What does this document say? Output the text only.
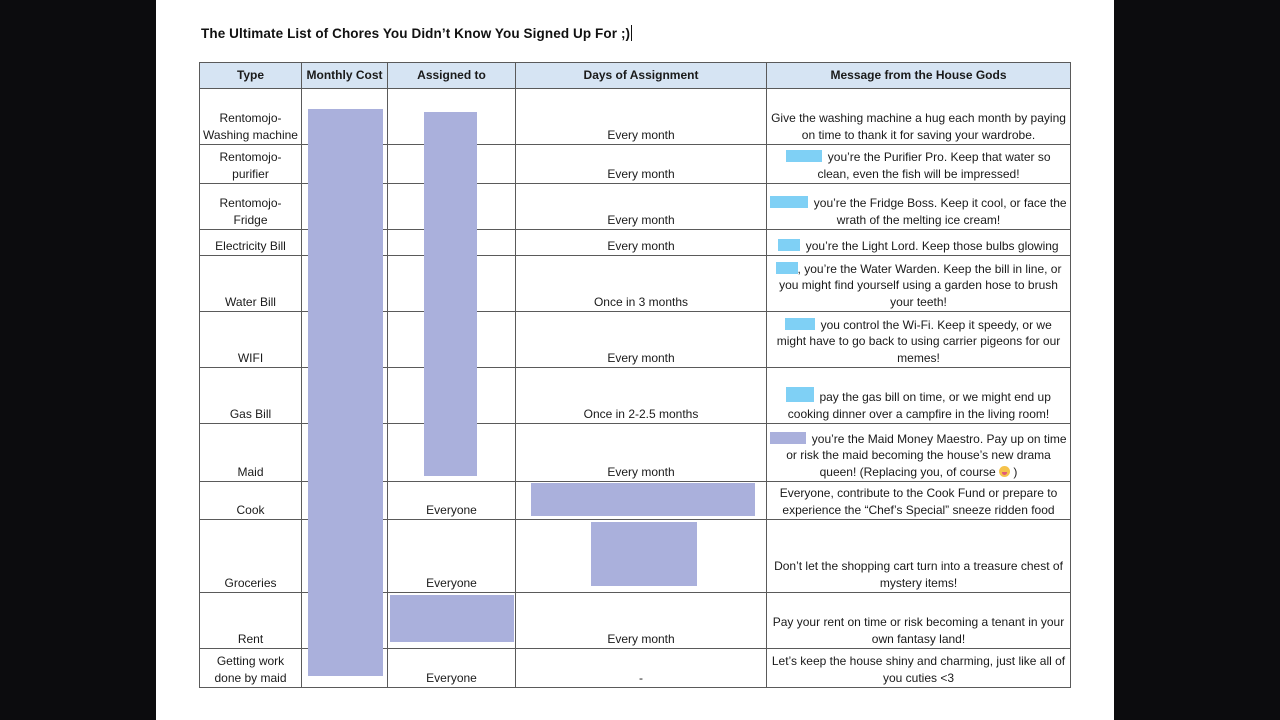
The Ultimate List of Chores You Didn’t Know You Signed Up For ;)
Type	Monthly Cost	Assigned to	Days of Assignment	Message from the House Gods
Rentomojo- Washing machine			Every month	Give the washing machine a hug each month by paying on time to thank it for saving your wardrobe.
Rentomojo- purifier			Every month	you’re the Purifier Pro. Keep that water so clean, even the fish will be impressed!
Rentomojo- Fridge			Every month	you’re the Fridge Boss. Keep it cool, or face the wrath of the melting ice cream!
Electricity Bill			Every month	you’re the Light Lord. Keep those bulbs glowing
Water Bill			Once in 3 months	, you’re the Water Warden. Keep the bill in line, or you might find yourself using a garden hose to brush your teeth!
WIFI			Every month	you control the Wi-Fi. Keep it speedy, or we might have to go back to using carrier pigeons for our memes!
Gas Bill			Once in 2-2.5 months	pay the gas bill on time, or we might end up cooking dinner over a campfire in the living room!
Maid			Every month	you’re the Maid Money Maestro. Pay up on time or risk the maid becoming the house’s new drama queen! (Replacing you, of course )
Cook		Everyone		Everyone, contribute to the Cook Fund or prepare to experience the “Chef’s Special” sneeze ridden food
Groceries		Everyone		Don’t let the shopping cart turn into a treasure chest of mystery items!
Rent			Every month	Pay your rent on time or risk becoming a tenant in your own fantasy land!
Getting work done by maid		Everyone	-	Let’s keep the house shiny and charming, just like all of you cuties <3
